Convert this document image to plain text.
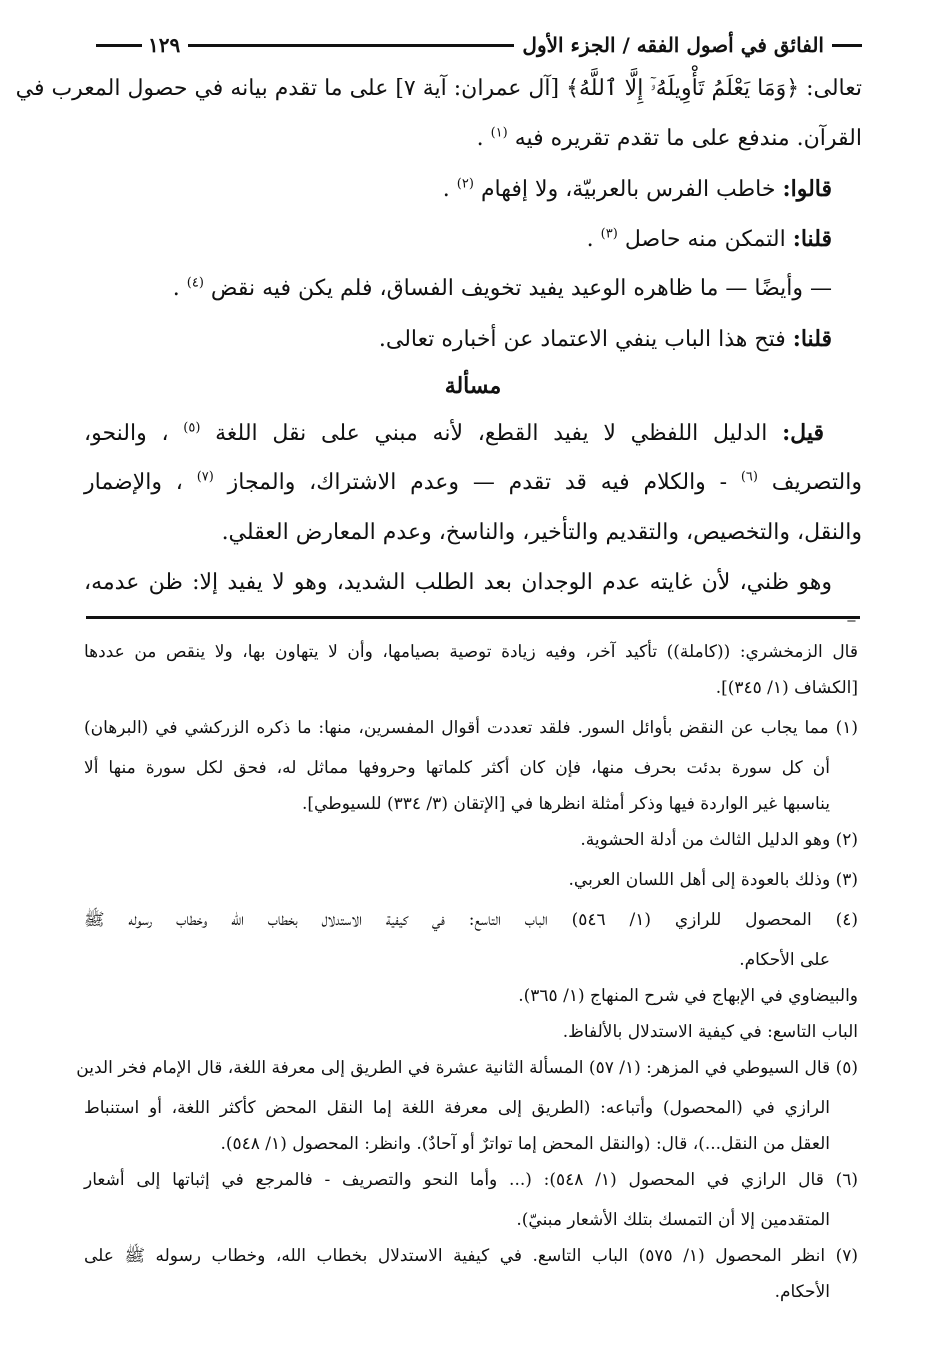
الفائق في أصول الفقه / الجزء الأول
١٢٩
تعالى: ﴿وَمَا يَعْلَمُ تَأْوِيلَهُۥٓ إِلَّا ٱللَّهُ﴾ [آل عمران: آية ٧] على ما تقدم بيانه في حصول المعرب في
القرآن. مندفع على ما تقدم تقريره فيه $^{(١)}$ .
قالوا: خاطب الفرس بالعربيّة، ولا إفهام $^{(٢)}$ .
قلنا: التمكن منه حاصل $^{(٣)}$ .
— وأيضًا — ما ظاهره الوعيد يفيد تخويف الفساق، فلم يكن فيه نقض $^{(٤)}$ .
قلنا: فتح هذا الباب ينفي الاعتماد عن أخباره تعالى.
مسألة
قيل: الدليل اللفظي لا يفيد القطع، لأنه مبني على نقل اللغة $^{(٥)}$ ، والنحو،
والتصريف $^{(٦)}$ - والكلام فيه قد تقدم — وعدم الاشتراك، والمجاز $^{(٧)}$ ، والإضمار
والنقل، والتخصيص، والتقديم والتأخير، والناسخ، وعدم المعارض العقلي.
وهو ظني، لأن غايته عدم الوجدان بعد الطلب الشديد، وهو لا يفيد إلا: ظن عدمه،
=
قال الزمخشري: ((كاملة)) تأكيد آخر، وفيه زيادة توصية بصيامها، وأن لا يتهاون بها، ولا ينقص من عددها
[الكشاف (١/ ٣٤٥)].
(١) مما يجاب عن النقض بأوائل السور. فلقد تعددت أقوال المفسرين، منها: ما ذكره الزركشي في (البرهان)
أن كل سورة بدئت بحرف منها، فإن كان أكثر كلماتها وحروفها مماثل له، فحق لكل سورة منها ألا
يناسبها غير الواردة فيها وذكر أمثلة انظرها في [الإتقان (٣/ ٣٣٤) للسيوطي].
(٢) وهو الدليل الثالث من أدلة الحشوية.
(٣) وذلك بالعودة إلى أهل اللسان العربي.
(٤) المحصول للرازي (١/ ٥٤٦) الباب التاسع: في كيفية الاستدلال بخطاب الله وخطاب رسوله ﷺ
على الأحكام.
والبيضاوي في الإبهاج في شرح المنهاج (١/ ٣٦٥).
الباب التاسع: في كيفية الاستدلال بالألفاظ.
(٥) قال السيوطي في المزهر: (١/ ٥٧) المسألة الثانية عشرة في الطريق إلى معرفة اللغة، قال الإمام فخر الدين
الرازي في (المحصول) وأتباعه: (الطريق إلى معرفة اللغة إما النقل المحض كأكثر اللغة، أو استنباط
العقل من النقل...)، قال: (والنقل المحض إما تواترٌ أو آحادٌ). وانظر: المحصول (١/ ٥٤٨).
(٦) قال الرازي في المحصول (١/ ٥٤٨): (... وأما النحو والتصريف - فالمرجع في إثباتها إلى أشعار
المتقدمين إلا أن التمسك بتلك الأشعار مبنيّ).
(٧) انظر المحصول (١/ ٥٧٥) الباب التاسع. في كيفية الاستدلال بخطاب الله، وخطاب رسوله ﷺ على
الأحكام.
